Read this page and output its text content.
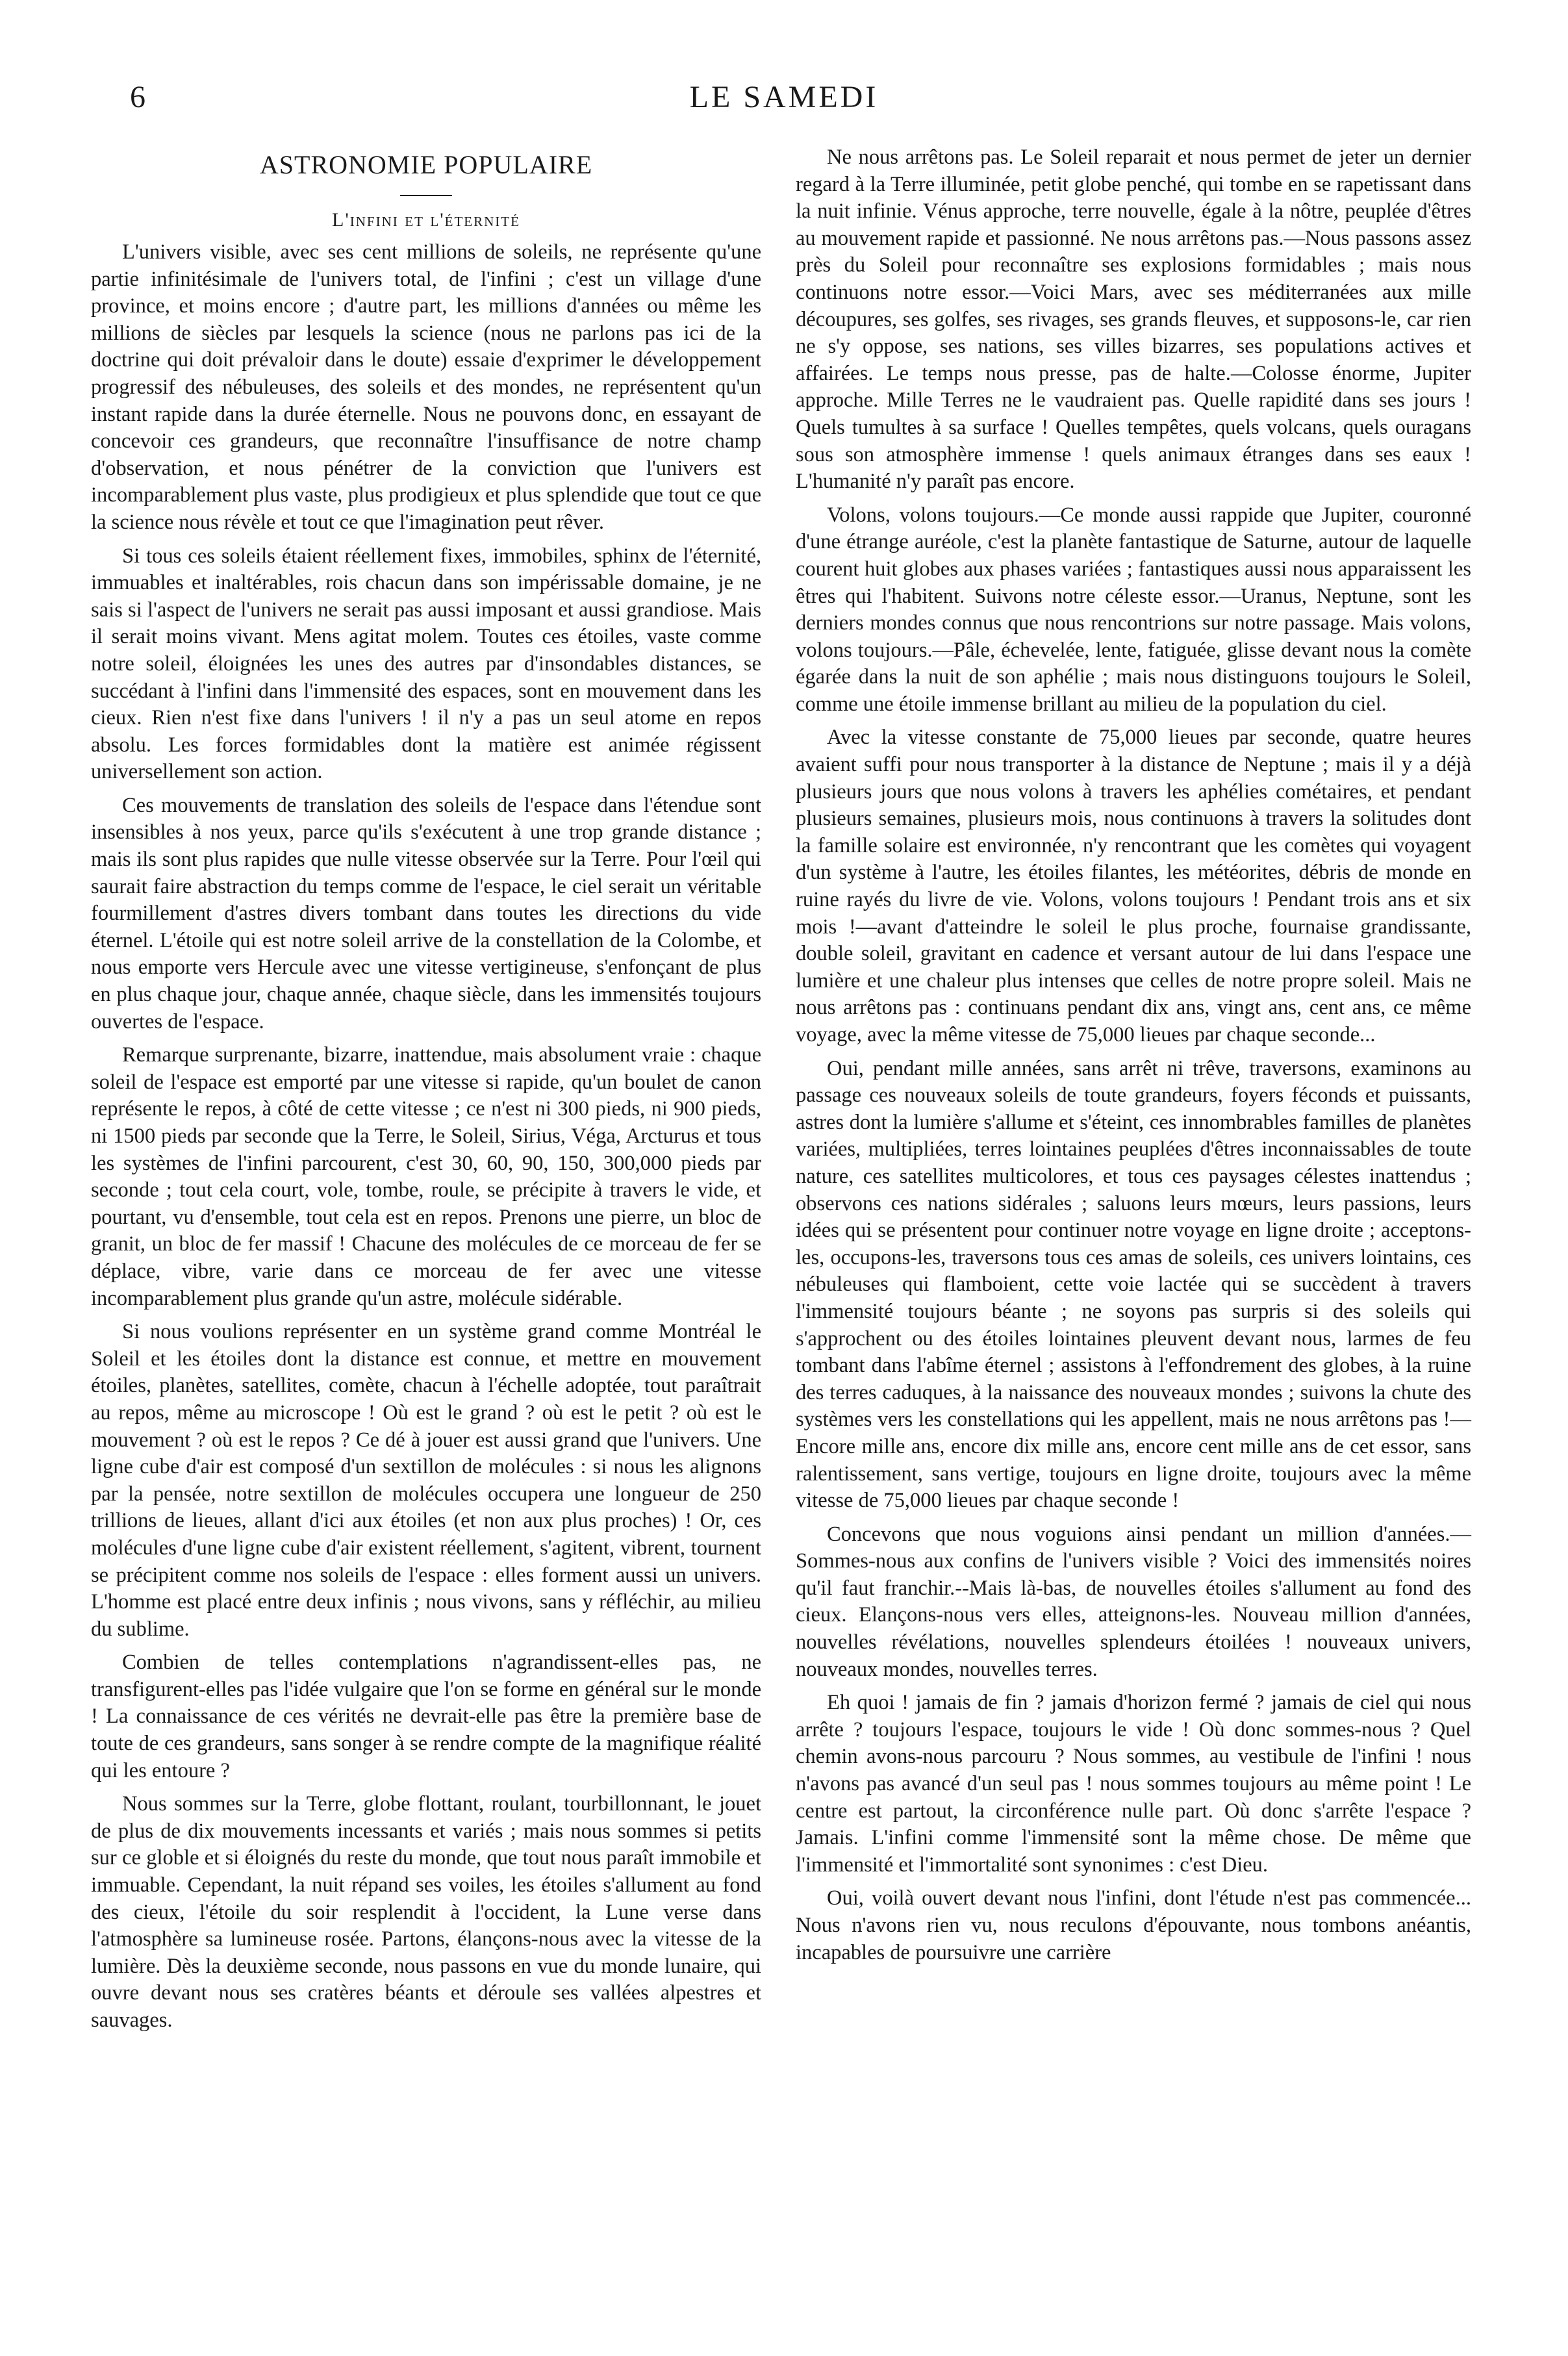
6	LE SAMEDI
ASTRONOMIE POPULAIRE
L'infini et l'éternité

L'univers visible, avec ses cent millions de soleils, ne représente qu'une partie infinitésimale de l'univers total, de l'infini ; c'est un village d'une province, et moins encore ; d'autre part, les millions d'années ou même les millions de siècles par lesquels la science (nous ne parlons pas ici de la doctrine qui doit prévaloir dans le doute) essaie d'exprimer le développement progressif des nébuleuses, des soleils et des mondes, ne représentent qu'un instant rapide dans la durée éternelle. Nous ne pouvons donc, en essayant de concevoir ces grandeurs, que reconnaître l'insuffisance de notre champ d'observation, et nous pénétrer de la conviction que l'univers est incomparablement plus vaste, plus prodigieux et plus splendide que tout ce que la science nous révèle et tout ce que l'imagination peut rêver.

Si tous ces soleils étaient réellement fixes, immobiles, sphinx de l'éternité, immuables et inaltérables, rois chacun dans son impérissable domaine, je ne sais si l'aspect de l'univers ne serait pas aussi imposant et aussi grandiose. Mais il serait moins vivant. Mens agitat molem. Toutes ces étoiles, vaste comme notre soleil, éloignées les unes des autres par d'insondables distances, se succédant à l'infini dans l'immensité des espaces, sont en mouvement dans les cieux. Rien n'est fixe dans l'univers ! il n'y a pas un seul atome en repos absolu. Les forces formidables dont la matière est animée régissent universellement son action.

Ces mouvements de translation des soleils de l'espace dans l'étendue sont insensibles à nos yeux, parce qu'ils s'exécutent à une trop grande distance ; mais ils sont plus rapides que nulle vitesse observée sur la Terre. Pour l'œil qui saurait faire abstraction du temps comme de l'espace, le ciel serait un véritable fourmillement d'astres divers tombant dans toutes les directions du vide éternel. L'étoile qui est notre soleil arrive de la constellation de la Colombe, et nous emporte vers Hercule avec une vitesse vertigineuse, s'enfonçant de plus en plus chaque jour, chaque année, chaque siècle, dans les immensités toujours ouvertes de l'espace.

Remarque surprenante, bizarre, inattendue, mais absolument vraie : chaque soleil de l'espace est emporté par une vitesse si rapide, qu'un boulet de canon représente le repos, à côté de cette vitesse ; ce n'est ni 300 pieds, ni 900 pieds, ni 1500 pieds par seconde que la Terre, le Soleil, Sirius, Véga, Arcturus et tous les systèmes de l'infini parcourent, c'est 30, 60, 90, 150, 300,000 pieds par seconde ; tout cela court, vole, tombe, roule, se précipite à travers le vide, et pourtant, vu d'ensemble, tout cela est en repos. Prenons une pierre, un bloc de granit, un bloc de fer massif ! Chacune des molécules de ce morceau de fer se déplace, vibre, varie dans ce morceau de fer avec une vitesse incomparablement plus grande qu'un astre, molécule sidérable.

Si nous voulions représenter en un système grand comme Montréal le Soleil et les étoiles dont la distance est connue, et mettre en mouvement étoiles, planètes, satellites, comète, chacun à l'échelle adoptée, tout paraîtrait au repos, même au microscope ! Où est le grand ? où est le petit ? où est le mouvement ? où est le repos ? Ce dé à jouer est aussi grand que l'univers. Une ligne cube d'air est composé d'un sextillon de molécules : si nous les alignons par la pensée, notre sextillon de molécules occupera une longueur de 250 trillions de lieues, allant d'ici aux étoiles (et non aux plus proches) ! Or, ces molécules d'une ligne cube d'air existent réellement, s'agitent, vibrent, tournent se précipitent comme nos soleils de l'espace : elles forment aussi un univers. L'homme est placé entre deux infinis ; nous vivons, sans y réfléchir, au milieu du sublime.

Combien de telles contemplations n'agrandissent-elles pas, ne transfigurent-elles pas l'idée vulgaire que l'on se forme en général sur le monde ! La connaissance de ces vérités ne devrait-elle pas être la première base de toute de ces grandeurs, sans songer à se rendre compte de la magnifique réalité qui les entoure ?

Nous sommes sur la Terre, globe flottant, roulant, tourbillonnant, le jouet de plus de dix mouvements incessants et variés ; mais nous sommes si petits sur ce globle et si éloignés du reste du monde, que tout nous paraît immobile et immuable. Cependant, la nuit répand ses voiles, les étoiles s'allument au fond des cieux, l'étoile du soir resplendit à l'occident, la Lune verse dans l'atmosphère sa lumineuse rosée. Partons, élançons-nous avec la vitesse de la lumière. Dès la deuxième seconde, nous passons en vue du monde lunaire, qui ouvre devant nous ses cratères béants et déroule ses vallées alpestres et sauvages.

Ne nous arrêtons pas. Le Soleil reparait et nous permet de jeter un dernier regard à la Terre illuminée, petit globe penché, qui tombe en se rapetissant dans la nuit infinie. Vénus approche, terre nouvelle, égale à la nôtre, peuplée d'êtres au mouvement rapide et passionné. Ne nous arrêtons pas.—Nous passons assez près du Soleil pour reconnaître ses explosions formidables ; mais nous continuons notre essor.—Voici Mars, avec ses méditerranées aux mille découpures, ses golfes, ses rivages, ses grands fleuves, et supposons-le, car rien ne s'y oppose, ses nations, ses villes bizarres, ses populations actives et affairées. Le temps nous presse, pas de halte.—Colosse énorme, Jupiter approche. Mille Terres ne le vaudraient pas. Quelle rapidité dans ses jours ! Quels tumultes à sa surface ! Quelles tempêtes, quels volcans, quels ouragans sous son atmosphère immense ! quels animaux étranges dans ses eaux ! L'humanité n'y paraît pas encore.

Volons, volons toujours.—Ce monde aussi rappide que Jupiter, couronné d'une étrange auréole, c'est la planète fantastique de Saturne, autour de laquelle courent huit globes aux phases variées ; fantastiques aussi nous apparaissent les êtres qui l'habitent. Suivons notre céleste essor.—Uranus, Neptune, sont les derniers mondes connus que nous rencontrions sur notre passage. Mais volons, volons toujours.—Pâle, échevelée, lente, fatiguée, glisse devant nous la comète égarée dans la nuit de son aphélie ; mais nous distinguons toujours le Soleil, comme une étoile immense brillant au milieu de la population du ciel.

Avec la vitesse constante de 75,000 lieues par seconde, quatre heures avaient suffi pour nous transporter à la distance de Neptune ; mais il y a déjà plusieurs jours que nous volons à travers les aphélies cométaires, et pendant plusieurs semaines, plusieurs mois, nous continuons à travers la solitudes dont la famille solaire est environnée, n'y rencontrant que les comètes qui voyagent d'un système à l'autre, les étoiles filantes, les météorites, débris de monde en ruine rayés du livre de vie. Volons, volons toujours ! Pendant trois ans et six mois !—avant d'atteindre le soleil le plus proche, fournaise grandissante, double soleil, gravitant en cadence et versant autour de lui dans l'espace une lumière et une chaleur plus intenses que celles de notre propre soleil. Mais ne nous arrêtons pas : continuans pendant dix ans, vingt ans, cent ans, ce même voyage, avec la même vitesse de 75,000 lieues par chaque seconde...

Oui, pendant mille années, sans arrêt ni trêve, traversons, examinons au passage ces nouveaux soleils de toute grandeurs, foyers féconds et puissants, astres dont la lumière s'allume et s'éteint, ces innombrables familles de planètes variées, multipliées, terres lointaines peuplées d'êtres inconnaissables de toute nature, ces satellites multicolores, et tous ces paysages célestes inattendus ; observons ces nations sidérales ; saluons leurs mœurs, leurs passions, leurs idées qui se présentent pour continuer notre voyage en ligne droite ; acceptons-les, occupons-les, traversons tous ces amas de soleils, ces univers lointains, ces nébuleuses qui flamboient, cette voie lactée qui se succèdent à travers l'immensité toujours béante ; ne soyons pas surpris si des soleils qui s'approchent ou des étoiles lointaines pleuvent devant nous, larmes de feu tombant dans l'abîme éternel ; assistons à l'effondrement des globes, à la ruine des terres caduques, à la naissance des nouveaux mondes ; suivons la chute des systèmes vers les constellations qui les appellent, mais ne nous arrêtons pas !—Encore mille ans, encore dix mille ans, encore cent mille ans de cet essor, sans ralentissement, sans vertige, toujours en ligne droite, toujours avec la même vitesse de 75,000 lieues par chaque seconde !

Concevons que nous voguions ainsi pendant un million d'années.—Sommes-nous aux confins de l'univers visible ? Voici des immensités noires qu'il faut franchir.--Mais là-bas, de nouvelles étoiles s'allument au fond des cieux. Elançons-nous vers elles, atteignons-les. Nouveau million d'années, nouvelles révélations, nouvelles splendeurs étoilées ! nouveaux univers, nouveaux mondes, nouvelles terres.

Eh quoi ! jamais de fin ? jamais d'horizon fermé ? jamais de ciel qui nous arrête ? toujours l'espace, toujours le vide ! Où donc sommes-nous ? Quel chemin avons-nous parcouru ? Nous sommes, au vestibule de l'infini ! nous n'avons pas avancé d'un seul pas ! nous sommes toujours au même point ! Le centre est partout, la circonférence nulle part. Où donc s'arrête l'espace ? Jamais. L'infini comme l'immensité sont la même chose. De même que l'immensité et l'immortalité sont synonimes : c'est Dieu.

Oui, voilà ouvert devant nous l'infini, dont l'étude n'est pas commencée... Nous n'avons rien vu, nous reculons d'épouvante, nous tombons anéantis, incapables de poursuivre une carrière
